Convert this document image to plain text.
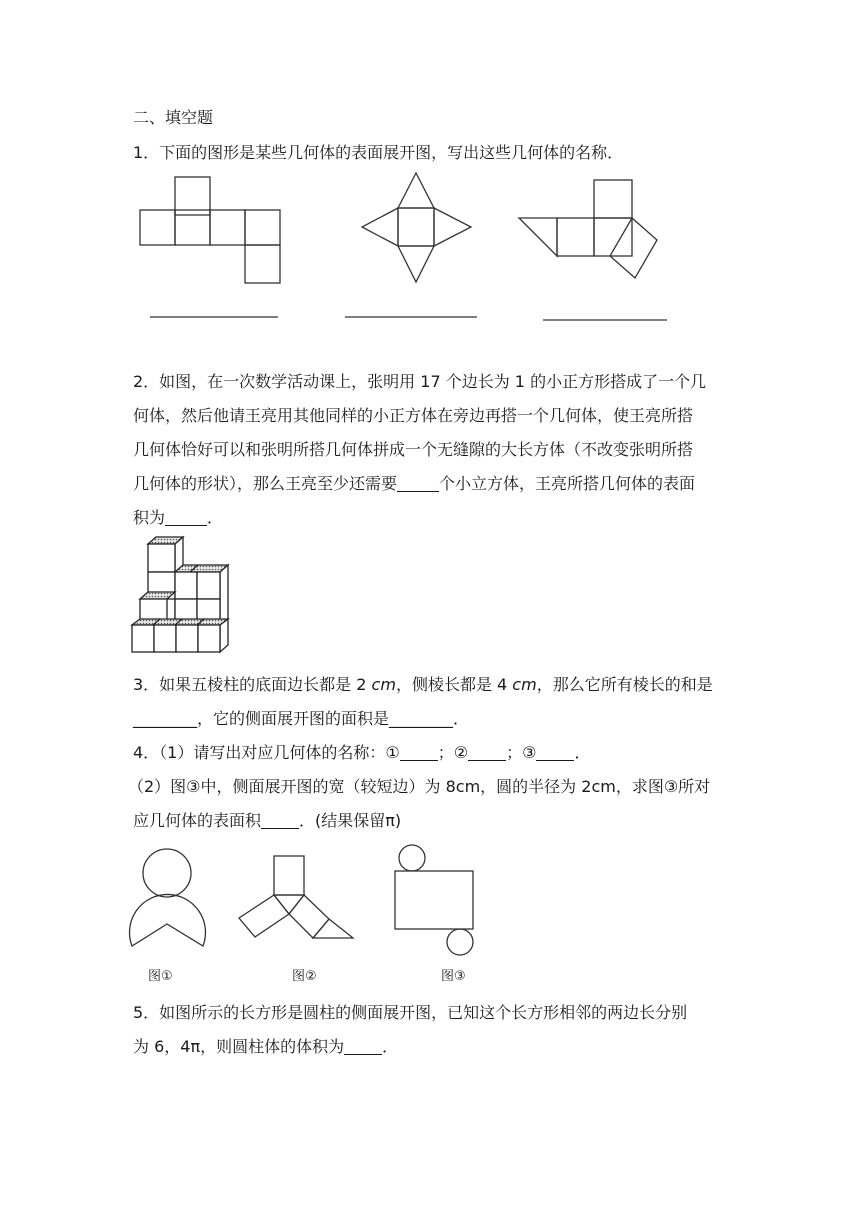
二、填空题
1．下面的图形是某些几何体的表面展开图，写出这些几何体的名称．
2．如图，在一次数学活动课上，张明用 17 个边长为 1 的小正方形搭成了一个几
何体，然后他请王亮用其他同样的小正方体在旁边再搭一个几何体，使王亮所搭
几何体恰好可以和张明所搭几何体拼成一个无缝隙的大长方体（不改变张明所搭
几何体的形状），那么王亮至少还需要	个小立方体，王亮所搭几何体的表面
积为	．
3．如果五棱柱的底面边长都是 2 cm，侧棱长都是 4 cm，那么它所有棱长的和是
________，它的侧面展开图的面积是________．
4．（1）请写出对应几何体的名称：① ；② ；③ ．
（2）图③中，侧面展开图的宽（较短边）为 8cm，圆的半径为 2cm，求图③所对
应几何体的表面积 ．(结果保留π)
图①	图②	图③
5．如图所示的长方形是圆柱的侧面展开图，已知这个长方形相邻的两边长分别
为 6，4π，则圆柱体的体积为 ．
